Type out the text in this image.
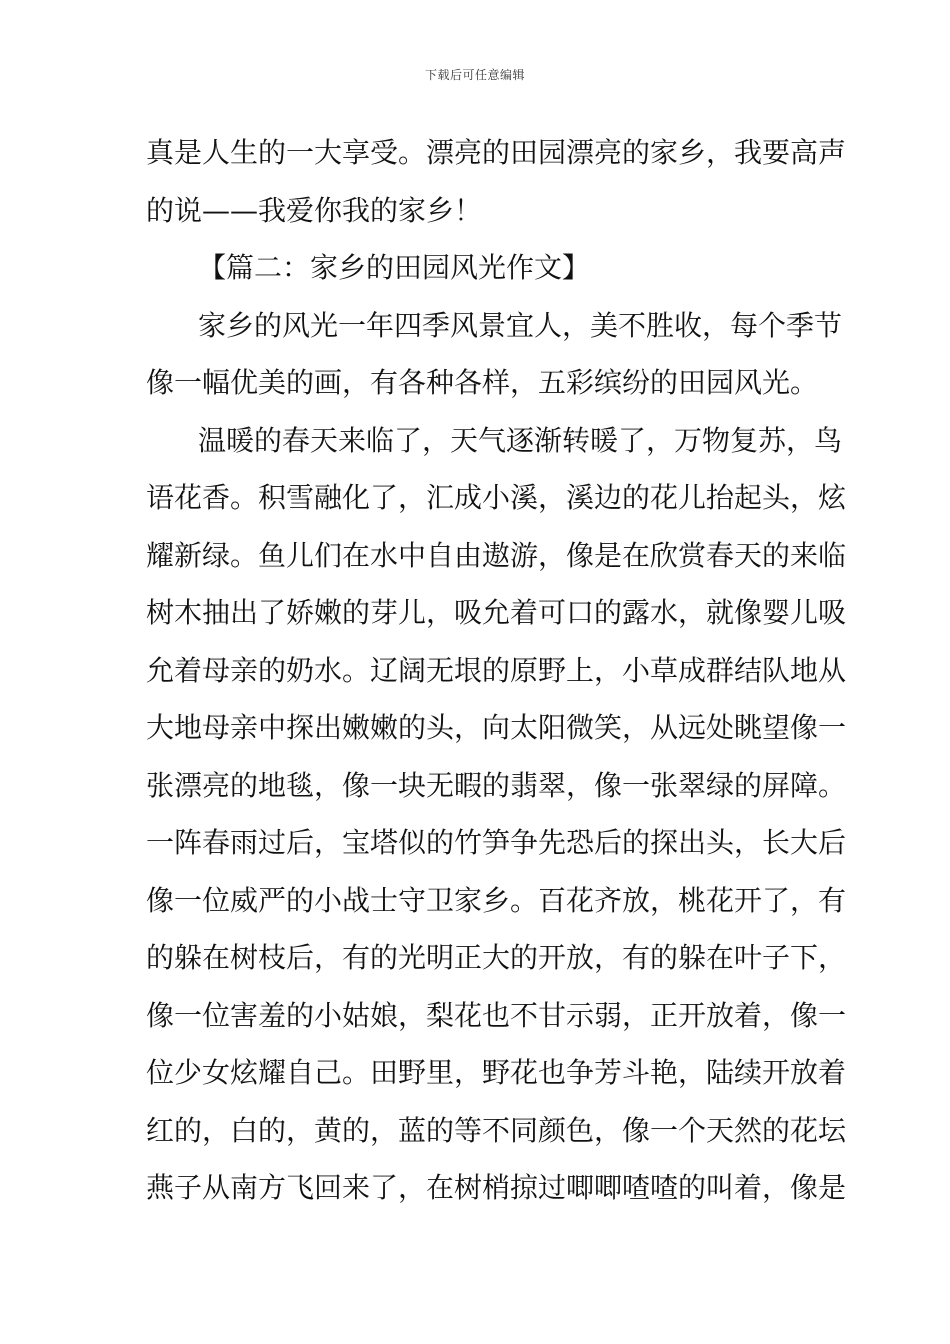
下载后可任意编辑
真是人生的一大享受。漂亮的田园漂亮的家乡，我要高声
的说——我爱你我的家乡！
【篇二：家乡的田园风光作文】
家乡的风光一年四季风景宜人，美不胜收，每个季节
像一幅优美的画，有各种各样，五彩缤纷的田园风光。
温暖的春天来临了，天气逐渐转暖了，万物复苏，鸟
语花香。积雪融化了，汇成小溪，溪边的花儿抬起头，炫
耀新绿。鱼儿们在水中自由遨游，像是在欣赏春天的来临
树木抽出了娇嫩的芽儿，吸允着可口的露水，就像婴儿吸
允着母亲的奶水。辽阔无垠的原野上，小草成群结队地从
大地母亲中探出嫩嫩的头，向太阳微笑，从远处眺望像一
张漂亮的地毯，像一块无暇的翡翠，像一张翠绿的屏障。
一阵春雨过后，宝塔似的竹笋争先恐后的探出头，长大后
像一位威严的小战士守卫家乡。百花齐放，桃花开了，有
的躲在树枝后，有的光明正大的开放，有的躲在叶子下，
像一位害羞的小姑娘，梨花也不甘示弱，正开放着，像一
位少女炫耀自己。田野里，野花也争芳斗艳，陆续开放着
红的，白的，黄的，蓝的等不同颜色，像一个天然的花坛
燕子从南方飞回来了，在树梢掠过唧唧喳喳的叫着，像是
